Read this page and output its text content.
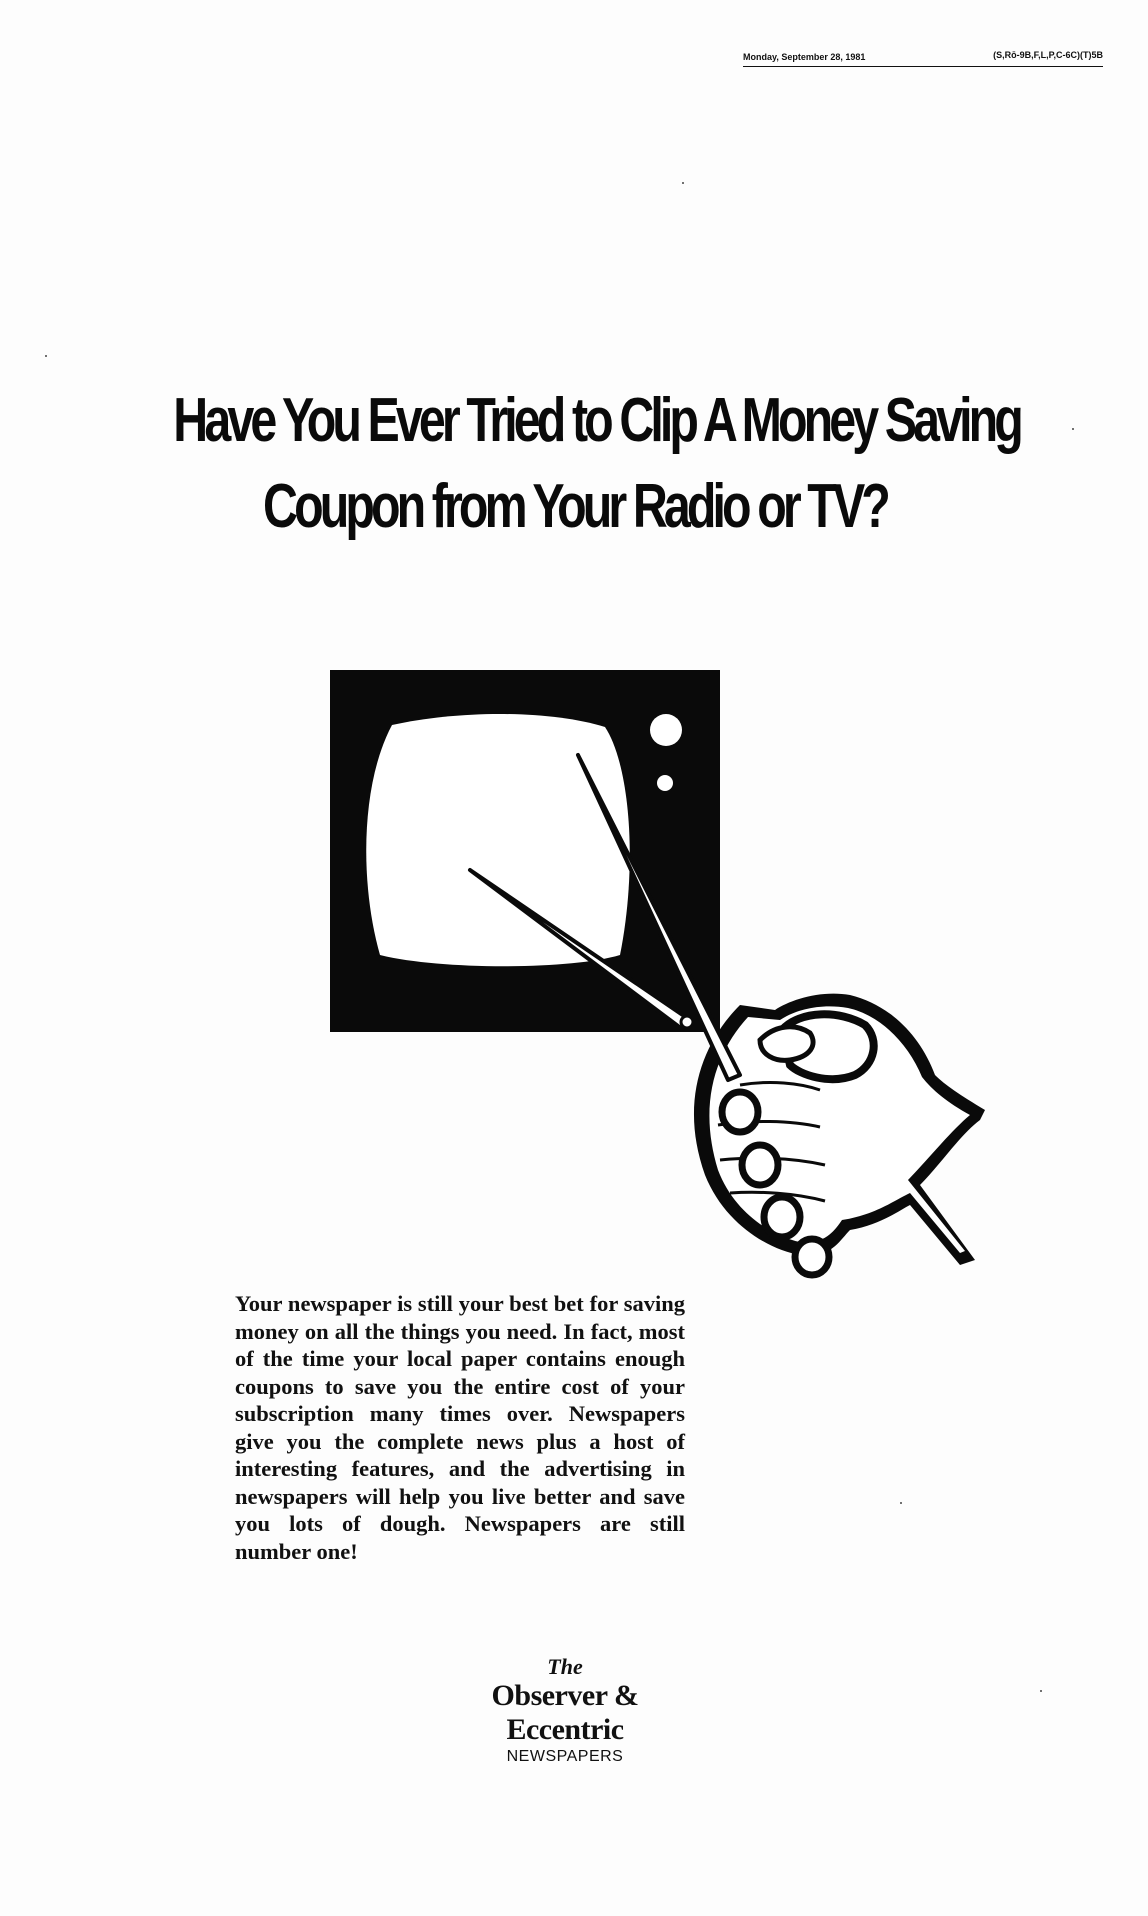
Monday, September 28, 1981	(S,Rō-9B,F,L,P,C-6C)(T)5B
Have You Ever Tried to Clip A Money Saving
Coupon from Your Radio or TV?
Your newspaper is still your best bet for saving money on all the things you need. In fact, most of the time your local paper contains enough coupons to save you the entire cost of your subscription many times over. Newspapers give you the complete news plus a host of interesting features, and the advertising in newspapers will help you live better and save you lots of dough. Newspapers are still number one!
The
Observer & Eccentric
NEWSPAPERS
